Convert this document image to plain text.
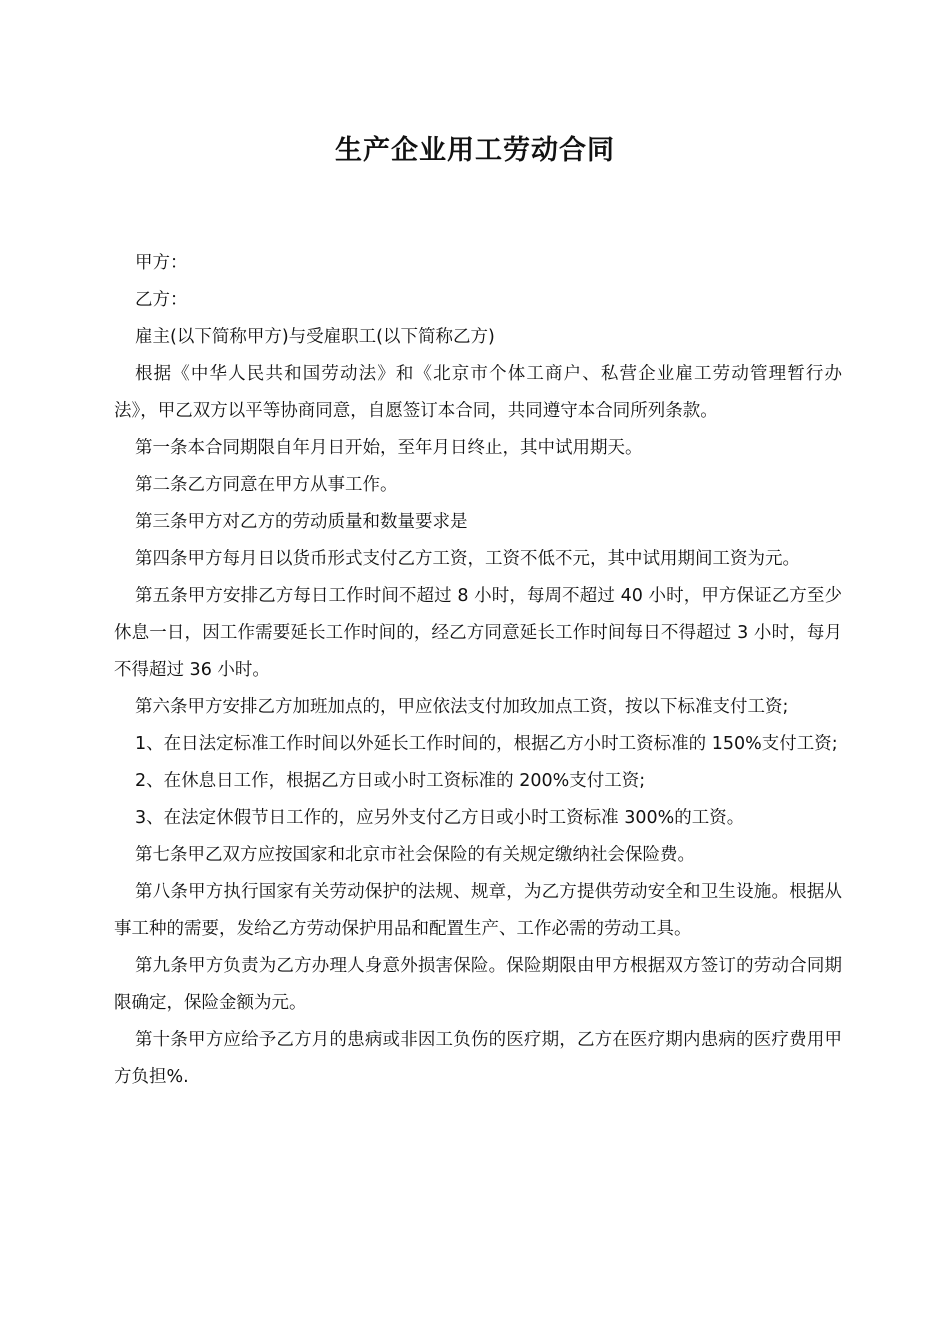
生产企业用工劳动合同

甲方：

乙方：

雇主(以下简称甲方)与受雇职工(以下简称乙方)

根据《中华人民共和国劳动法》和《北京市个体工商户、私营企业雇工劳动管理暂行办法》，甲乙双方以平等协商同意，自愿签订本合同，共同遵守本合同所列条款。

第一条本合同期限自年月日开始，至年月日终止，其中试用期天。

第二条乙方同意在甲方从事工作。

第三条甲方对乙方的劳动质量和数量要求是

第四条甲方每月日以货币形式支付乙方工资，工资不低不元，其中试用期间工资为元。

第五条甲方安排乙方每日工作时间不超过 8 小时，每周不超过 40 小时，甲方保证乙方至少休息一日，因工作需要延长工作时间的，经乙方同意延长工作时间每日不得超过 3 小时，每月不得超过 36 小时。

第六条甲方安排乙方加班加点的，甲应依法支付加玫加点工资，按以下标准支付工资;

1、在日法定标准工作时间以外延长工作时间的，根据乙方小时工资标准的 150%支付工资;

2、在休息日工作，根据乙方日或小时工资标准的 200%支付工资;

3、在法定休假节日工作的，应另外支付乙方日或小时工资标准 300%的工资。

第七条甲乙双方应按国家和北京市社会保险的有关规定缴纳社会保险费。

第八条甲方执行国家有关劳动保护的法规、规章，为乙方提供劳动安全和卫生设施。根据从事工种的需要，发给乙方劳动保护用品和配置生产、工作必需的劳动工具。

第九条甲方负责为乙方办理人身意外损害保险。保险期限由甲方根据双方签订的劳动合同期限确定，保险金额为元。

第十条甲方应给予乙方月的患病或非因工负伤的医疗期，乙方在医疗期内患病的医疗费用甲方负担%.
